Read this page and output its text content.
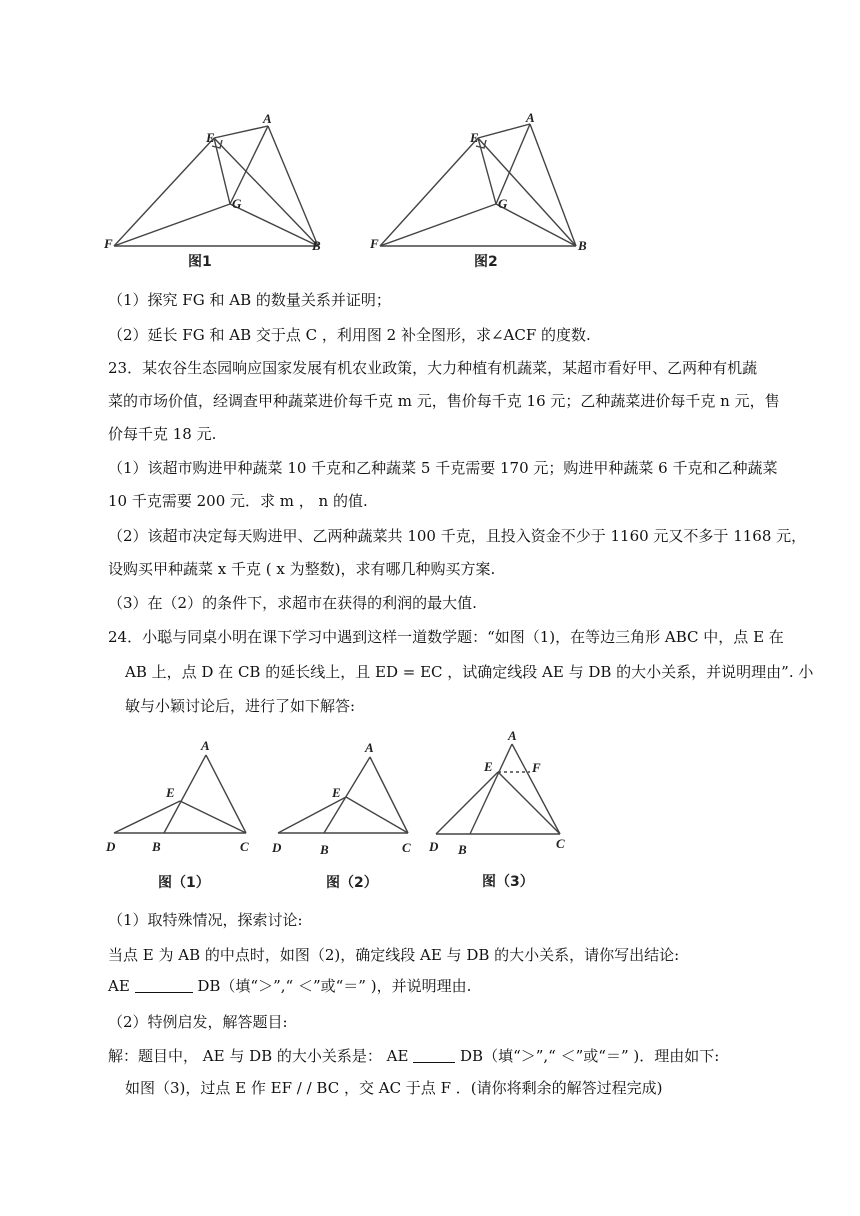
A
E
G
F	B
图1
A
E
G
F	B
图2
（1）探究 FG 和 AB 的数量关系并证明；
（2）延长 FG 和 AB 交于点 C ，利用图 2 补全图形，求∠ACF 的度数.
23．某农谷生态园响应国家发展有机农业政策，大力种植有机蔬菜，某超市看好甲、乙两种有机蔬
菜的市场价值，经调查甲种蔬菜进价每千克 m 元，售价每千克 16 元；乙种蔬菜进价每千克 n 元，售
价每千克 18 元.
（1）该超市购进甲种蔬菜 10 千克和乙种蔬菜 5 千克需要 170 元；购进甲种蔬菜 6 千克和乙种蔬菜
10 千克需要 200 元．求 m ， n 的值.
（2）该超市决定每天购进甲、乙两种蔬菜共 100 千克，且投入资金不少于 1160 元又不多于 1168 元，
设购买甲种蔬菜 x 千克 ( x 为整数)，求有哪几种购买方案.
（3）在（2）的条件下，求超市在获得的利润的最大值.
24．小聪与同桌小明在课下学习中遇到这样一道数学题：“如图（1)，在等边三角形 ABC 中，点 E 在
AB 上，点 D 在 CB 的延长线上，且 ED = EC ，试确定线段 AE 与 DB 的大小关系，并说明理由”. 小
敏与小颖讨论后，进行了如下解答:
A
E
D	B	C
图（1）
A
E
D	B	C
图（2）
A
E	F
D B	C
图（3）
（1）取特殊情况，探索讨论:
当点 E 为 AB 的中点时，如图（2)，确定线段 AE 与 DB 的大小关系，请你写出结论:
AE	DB（填“＞”,“ ＜”或“＝” )，并说明理由.
（2）特例启发，解答题目:
解：题目中， AE 与 DB 的大小关系是： AE	DB（填“＞”,“ ＜”或“＝” )．理由如下:
如图（3)，过点 E 作 EF / / BC ，交 AC 于点 F ．(请你将剩余的解答过程完成)
